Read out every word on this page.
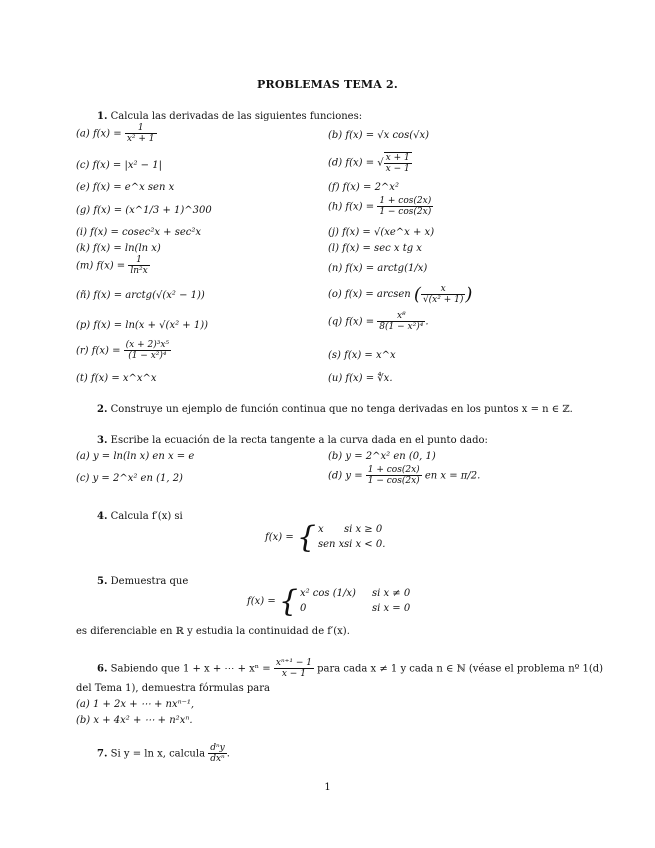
PROBLEMAS TEMA 2.
1. Calcula las derivadas de las siguientes funciones:
(a) $f(x) = \frac{1}{\text{x² + 1}}$	(b) f(x) = √x cos(√x)
(c) f(x) = |x² − 1|	(d) f(x) = √ $\frac{x + 1}{x - 1}$
(e) f(x) = e^x sen x	(f) f(x) = 2^x²
(g) f(x) = (x^1/3 + 1)^300	(h) $f(x) = \frac{1 + \cos(2x)}{1 - \cos(2x)}$
(i) f(x) = cosec²x + sec²x	(j) f(x) = √(xe^x + x)
(k) f(x) = ln(ln x)	(l) f(x) = sec x tg x
(m) $f(x) = \frac{1}{\text{ln²x}}$	(n) f(x) = arctg(1/x)
(ñ) f(x) = arctg(√(x² − 1))	(o) f(x) = arcsen ( $\frac{x}{\text{√(x² + 1)}}$ )
(p) f(x) = ln(x + √(x² + 1))	(q) $f(x) = \frac{\text{x⁸}}{\text{8(1 − x²)⁴}}$ .
(r) $f(x) = \frac{\text{(x + 2)³x⁵}}{\text{(1 − x²)⁴}}$	(s) f(x) = x^x
(t) f(x) = x^x^x	(u) f(x) = ∜x.
2. Construye un ejemplo de función continua que no tenga derivadas en los puntos x = n ∈ ℤ.
3. Escribe la ecuación de la recta tangente a la curva dada en el punto dado:
(a) y = ln(ln x) en x = e	(b) y = 2^x² en (0, 1)
(c) y = 2^x² en (1, 2)	(d) $y = \frac{1 + \cos(2x)}{1 - \cos(2x)}$ en x = π/2.
4. Calcula f′(x) si
f(x) = { x si x ≥ 0
sen xsi x < 0.
5. Demuestra que
f(x) = { x² cos (1/x) si x ≠ 0
0	si x = 0
es diferenciable en ℝ y estudia la continuidad de f′(x).
6. Sabiendo que 1 + x + ⋯ + $x^n = \frac{\text{xⁿ⁺¹ − 1}}{x - 1}$ para cada x ≠ 1 y cada n ∈ ℕ (véase el problema nº 1(d)
del Tema 1), demuestra fórmulas para
(a) 1 + 2x + ⋯ + nxⁿ⁻¹,
(b) x + 4x² + ⋯ + n²xⁿ.
7. Si y = ln x, calcula $\frac{\text{dⁿy}}{\text{dxⁿ}}$ .
1
